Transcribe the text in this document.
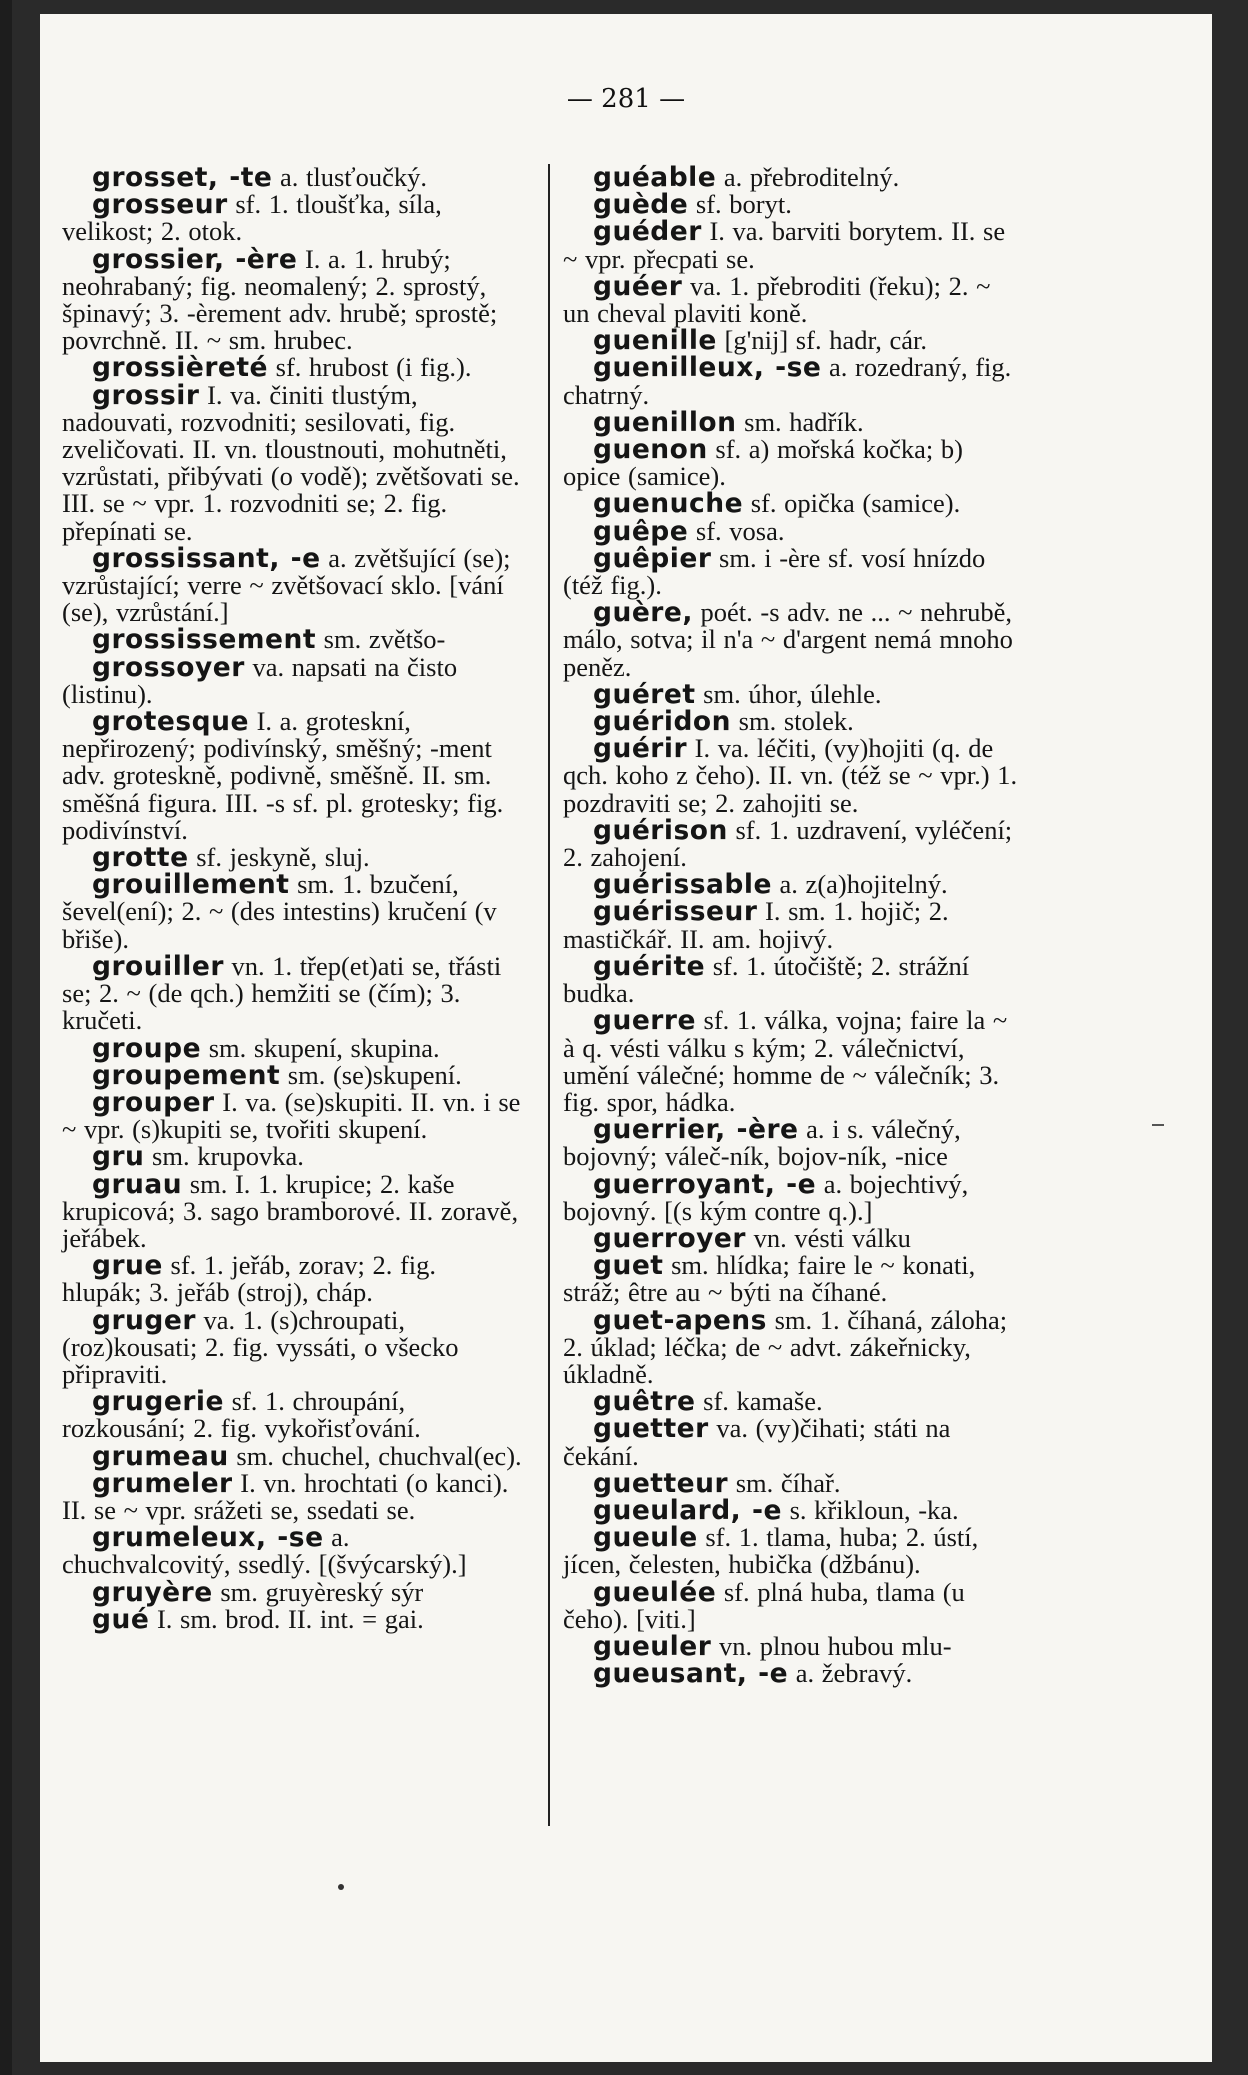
— 281 —

grosset, -te a. tlusťoučký.

grosseur sf. 1. tloušťka, síla, velikost; 2. otok.

grossier, -ère I. a. 1. hrubý; neohrabaný; fig. neomalený; 2. sprostý, špinavý; 3. -èrement adv. hrubě; sprostě; povrchně. II. ~ sm. hrubec.

grossièreté sf. hrubost (i fig.).

grossir I. va. činiti tlustým, nadouvati, rozvodniti; sesilovati, fig. zveličovati. II. vn. tloustnouti, mohutněti, vzrůstati, přibývati (o vodě); zvětšovati se. III. se ~ vpr. 1. rozvodniti se; 2. fig. přepínati se.

grossissant, -e a. zvětšující (se); vzrůstající; verre ~ zvětšovací sklo. [vání (se), vzrůstání.]

grossissement sm. zvětšo-

grossoyer va. napsati na čisto (listinu).

grotesque I. a. groteskní, nepřirozený; podivínský, směšný; -ment adv. groteskně, podivně, směšně. II. sm. směšná figura. III. -s sf. pl. grotesky; fig. podivínství.

grotte sf. jeskyně, sluj.

grouillement sm. 1. bzučení, ševel(ení); 2. ~ (des intestins) kručení (v břiše).

grouiller vn. 1. třep(et)ati se, třásti se; 2. ~ (de qch.) hemžiti se (čím); 3. kručeti.

groupe sm. skupení, skupina.

groupement sm. (se)skupení.

grouper I. va. (se)skupiti. II. vn. i se ~ vpr. (s)kupiti se, tvořiti skupení.

gru sm. krupovka.

gruau sm. I. 1. krupice; 2. kaše krupicová; 3. sago bramborové. II. zoravě, jeřábek.

grue sf. 1. jeřáb, zorav; 2. fig. hlupák; 3. jeřáb (stroj), cháp.

gruger va. 1. (s)chroupati, (roz)kousati; 2. fig. vyssáti, o všecko připraviti.

grugerie sf. 1. chroupání, rozkousání; 2. fig. vykořisťování.

grumeau sm. chuchel, chuchval(ec).

grumeler I. vn. hrochtati (o kanci). II. se ~ vpr. srážeti se, ssedati se.

grumeleux, -se a. chuchvalcovitý, ssedlý. [(švýcarský).]

gruyère sm. gruyèreský sýr

gué I. sm. brod. II. int. = gai.

guéable a. přebroditelný.

guède sf. boryt.

guéder I. va. barviti borytem. II. se ~ vpr. přecpati se.

guéer va. 1. přebroditi (řeku); 2. ~ un cheval plaviti koně.

guenille [g'nij] sf. hadr, cár.

guenilleux, -se a. rozedraný, fig. chatrný.

guenillon sm. hadřík.

guenon sf. a) mořská kočka; b) opice (samice).

guenuche sf. opička (samice).

guêpe sf. vosa.

guêpier sm. i -ère sf. vosí hnízdo (též fig.).

guère, poét. -s adv. ne ... ~ nehrubě, málo, sotva; il n'a ~ d'argent nemá mnoho peněz.

guéret sm. úhor, úlehle.

guéridon sm. stolek.

guérir I. va. léčiti, (vy)hojiti (q. de qch. koho z čeho). II. vn. (též se ~ vpr.) 1. pozdraviti se; 2. zahojiti se.

guérison sf. 1. uzdravení, vyléčení; 2. zahojení.

guérissable a. z(a)hojitelný.

guérisseur I. sm. 1. hojič; 2. mastičkář. II. am. hojivý.

guérite sf. 1. útočiště; 2. strážní budka.

guerre sf. 1. válka, vojna; faire la ~ à q. vésti válku s kým; 2. válečnictví, umění válečné; homme de ~ válečník; 3. fig. spor, hádka.

guerrier, -ère a. i s. válečný, bojovný; váleč-ník, bojov-ník, -nice

guerroyant, -e a. bojechtivý, bojovný. [(s kým contre q.).]

guerroyer vn. vésti válku

guet sm. hlídka; faire le ~ konati, stráž; être au ~ býti na číhané.

guet-apens sm. 1. číhaná, záloha; 2. úklad; léčka; de ~ advt. zákeřnicky, úkladně.

guêtre sf. kamaše.

guetter va. (vy)čihati; státi na čekání.

guetteur sm. číhař.

gueulard, -e s. křikloun, -ka.

gueule sf. 1. tlama, huba; 2. ústí, jícen, čelesten, hubička (džbánu).

gueulée sf. plná huba, tlama (u čeho). [viti.]

gueuler vn. plnou hubou mlu-

gueusant, -e a. žebravý.
